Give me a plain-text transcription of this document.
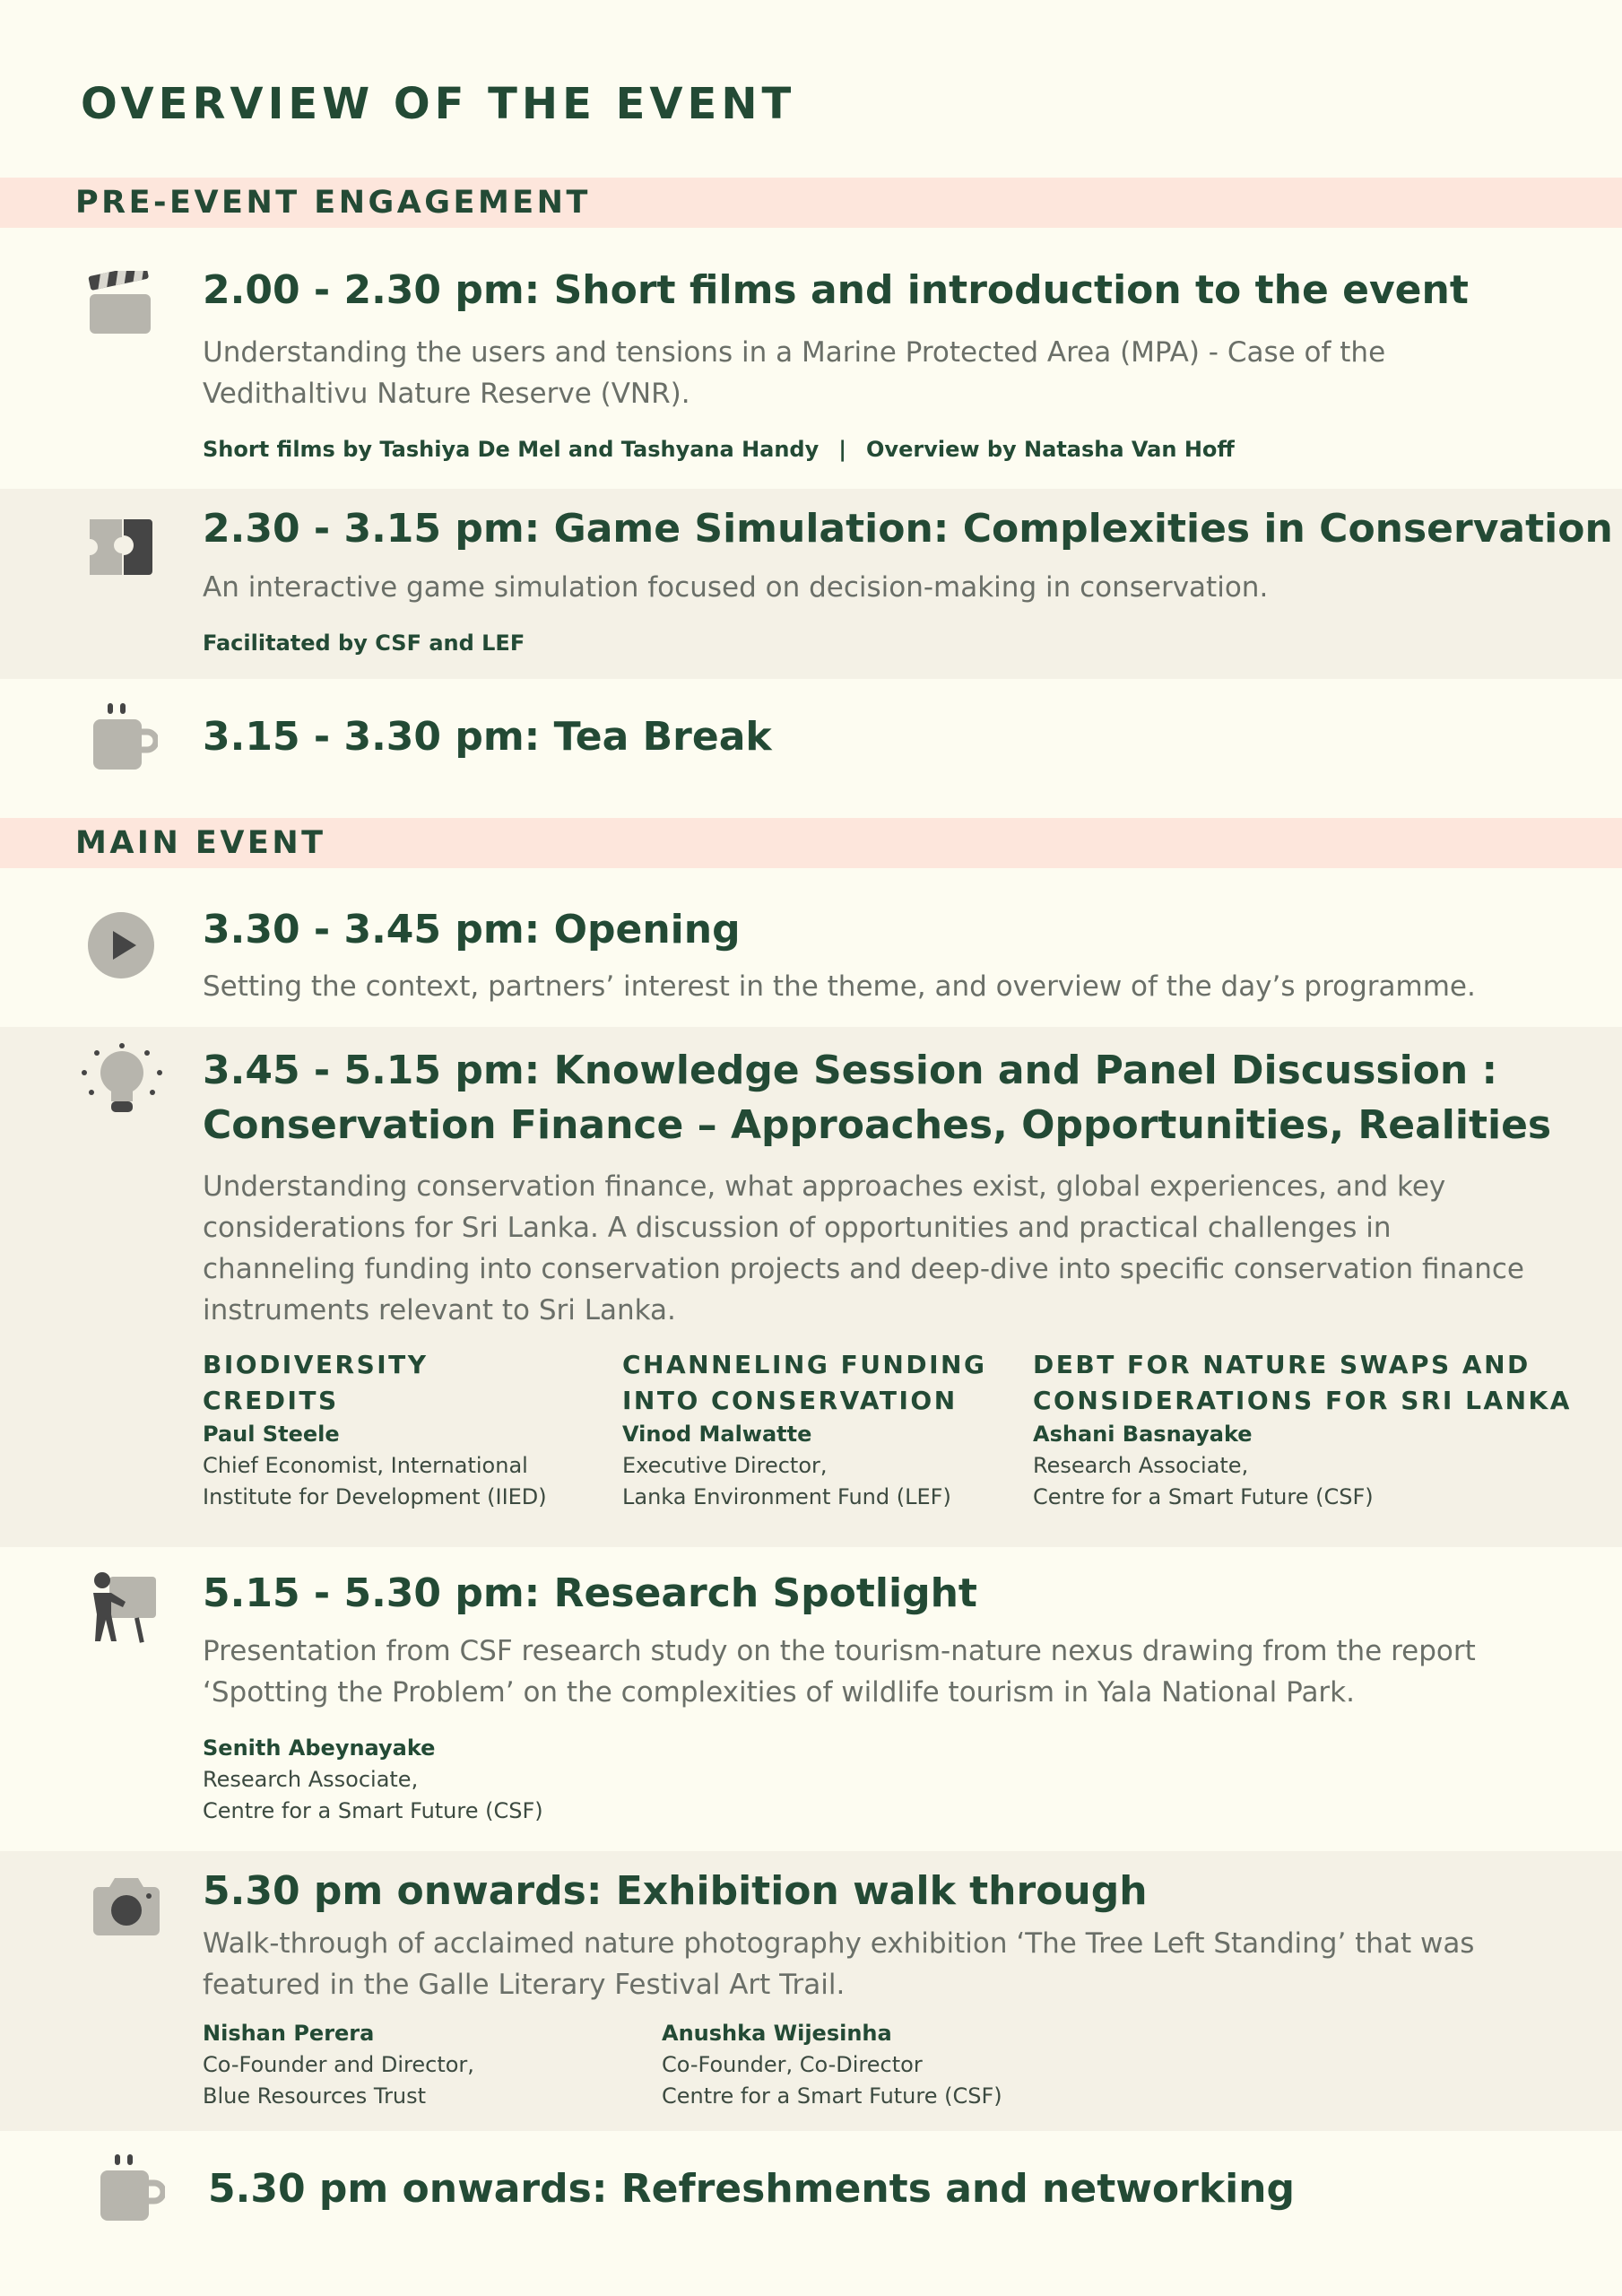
OVERVIEW OF THE EVENT
PRE-EVENT ENGAGEMENT
2.00 - 2.30 pm: Short films and introduction to the event

Understanding the users and tensions in a Marine Protected Area (MPA) - Case of the Vedithaltivu Nature Reserve (VNR).

Short films by Tashiya De Mel and Tashyana Handy | Overview by Natasha Van Hoff
2.30 - 3.15 pm: Game Simulation: Complexities in Conservation

An interactive game simulation focused on decision-making in conservation.

Facilitated by CSF and LEF
3.15 - 3.30 pm: Tea Break
MAIN EVENT
3.30 - 3.45 pm: Opening

Setting the context, partners’ interest in the theme, and overview of the day’s programme.

3.45 - 5.15 pm: Knowledge Session and Panel Discussion :
Conservation Finance – Approaches, Opportunities, Realities

Understanding conservation finance, what approaches exist, global experiences, and key considerations for Sri Lanka. A discussion of opportunities and practical challenges in channeling funding into conservation projects and deep-dive into specific conservation finance instruments relevant to Sri Lanka.

BIODIVERSITY
CREDITS
Paul Steele
Chief Economist, International
Institute for Development (IIED)
CHANNELING FUNDING
INTO CONSERVATION
Vinod Malwatte
Executive Director,
Lanka Environment Fund (LEF)
DEBT FOR NATURE SWAPS AND
CONSIDERATIONS FOR SRI LANKA
Ashani Basnayake
Research Associate,
Centre for a Smart Future (CSF)
5.15 - 5.30 pm: Research Spotlight

Presentation from CSF research study on the tourism-nature nexus drawing from the report ‘Spotting the Problem’ on the complexities of wildlife tourism in Yala National Park.

Senith Abeynayake
Research Associate,
Centre for a Smart Future (CSF)
5.30 pm onwards: Exhibition walk through

Walk-through of acclaimed nature photography exhibition ‘The Tree Left Standing’ that was featured in the Galle Literary Festival Art Trail.

Nishan Perera
Co-Founder and Director,
Blue Resources Trust
Anushka Wijesinha
Co-Founder, Co-Director
Centre for a Smart Future (CSF)
5.30 pm onwards: Refreshments and networking
